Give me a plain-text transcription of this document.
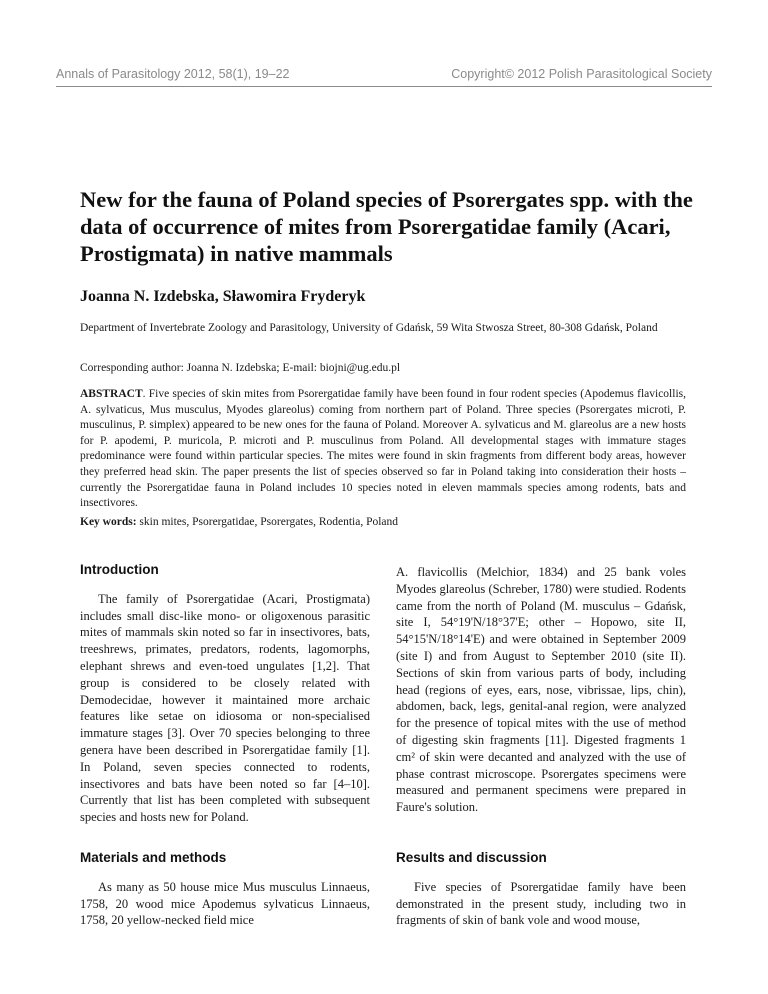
Annals of Parasitology 2012, 58(1), 19–22	Copyright© 2012 Polish Parasitological Society
New for the fauna of Poland species of Psorergates spp. with the data of occurrence of mites from Psorergatidae family (Acari, Prostigmata) in native mammals

Joanna N. Izdebska, Sławomira Fryderyk

Department of Invertebrate Zoology and Parasitology, University of Gdańsk, 59 Wita Stwosza Street, 80-308 Gdańsk, Poland

Corresponding author: Joanna N. Izdebska; E-mail: biojni@ug.edu.pl

ABSTRACT. Five species of skin mites from Psorergatidae family have been found in four rodent species (Apodemus flavicollis, A. sylvaticus, Mus musculus, Myodes glareolus) coming from northern part of Poland. Three species (Psorergates microti, P. musculinus, P. simplex) appeared to be new ones for the fauna of Poland. Moreover A. sylvaticus and M. glareolus are a new hosts for P. apodemi, P. muricola, P. microti and P. musculinus from Poland. All developmental stages with immature stages predominance were found within particular species. The mites were found in skin fragments from different body areas, however they preferred head skin. The paper presents the list of species observed so far in Poland taking into consideration their hosts – currently the Psorergatidae fauna in Poland includes 10 species noted in eleven mammals species among rodents, bats and insectivores.

Key words: skin mites, Psorergatidae, Psorergates, Rodentia, Poland

Introduction

The family of Psorergatidae (Acari, Prostigmata) includes small disc-like mono- or oligoxenous parasitic mites of mammals skin noted so far in insectivores, bats, treeshrews, primates, predators, rodents, lagomorphs, elephant shrews and even-toed ungulates [1,2]. That group is considered to be closely related with Demodecidae, however it maintained more archaic features like setae on idiosoma or non-specialised immature stages [3]. Over 70 species belonging to three genera have been described in Psorergatidae family [1]. In Poland, seven species connected to rodents, insectivores and bats have been noted so far [4–10]. Currently that list has been completed with subsequent species and hosts new for Poland.

Materials and methods

As many as 50 house mice Mus musculus Linnaeus, 1758, 20 wood mice Apodemus sylvaticus Linnaeus, 1758, 20 yellow-necked field mice

A. flavicollis (Melchior, 1834) and 25 bank voles Myodes glareolus (Schreber, 1780) were studied. Rodents came from the north of Poland (M. musculus – Gdańsk, site I, 54°19'N/18°37'E; other – Hopowo, site II, 54°15'N/18°14'E) and were obtained in September 2009 (site I) and from August to September 2010 (site II). Sections of skin from various parts of body, including head (regions of eyes, ears, nose, vibrissae, lips, chin), abdomen, back, legs, genital-anal region, were analyzed for the presence of topical mites with the use of method of digesting skin fragments [11]. Digested fragments 1 cm² of skin were decanted and analyzed with the use of phase contrast microscope. Psorergates specimens were measured and permanent specimens were prepared in Faure's solution.

Results and discussion

Five species of Psorergatidae family have been demonstrated in the present study, including two in fragments of skin of bank vole and wood mouse,
